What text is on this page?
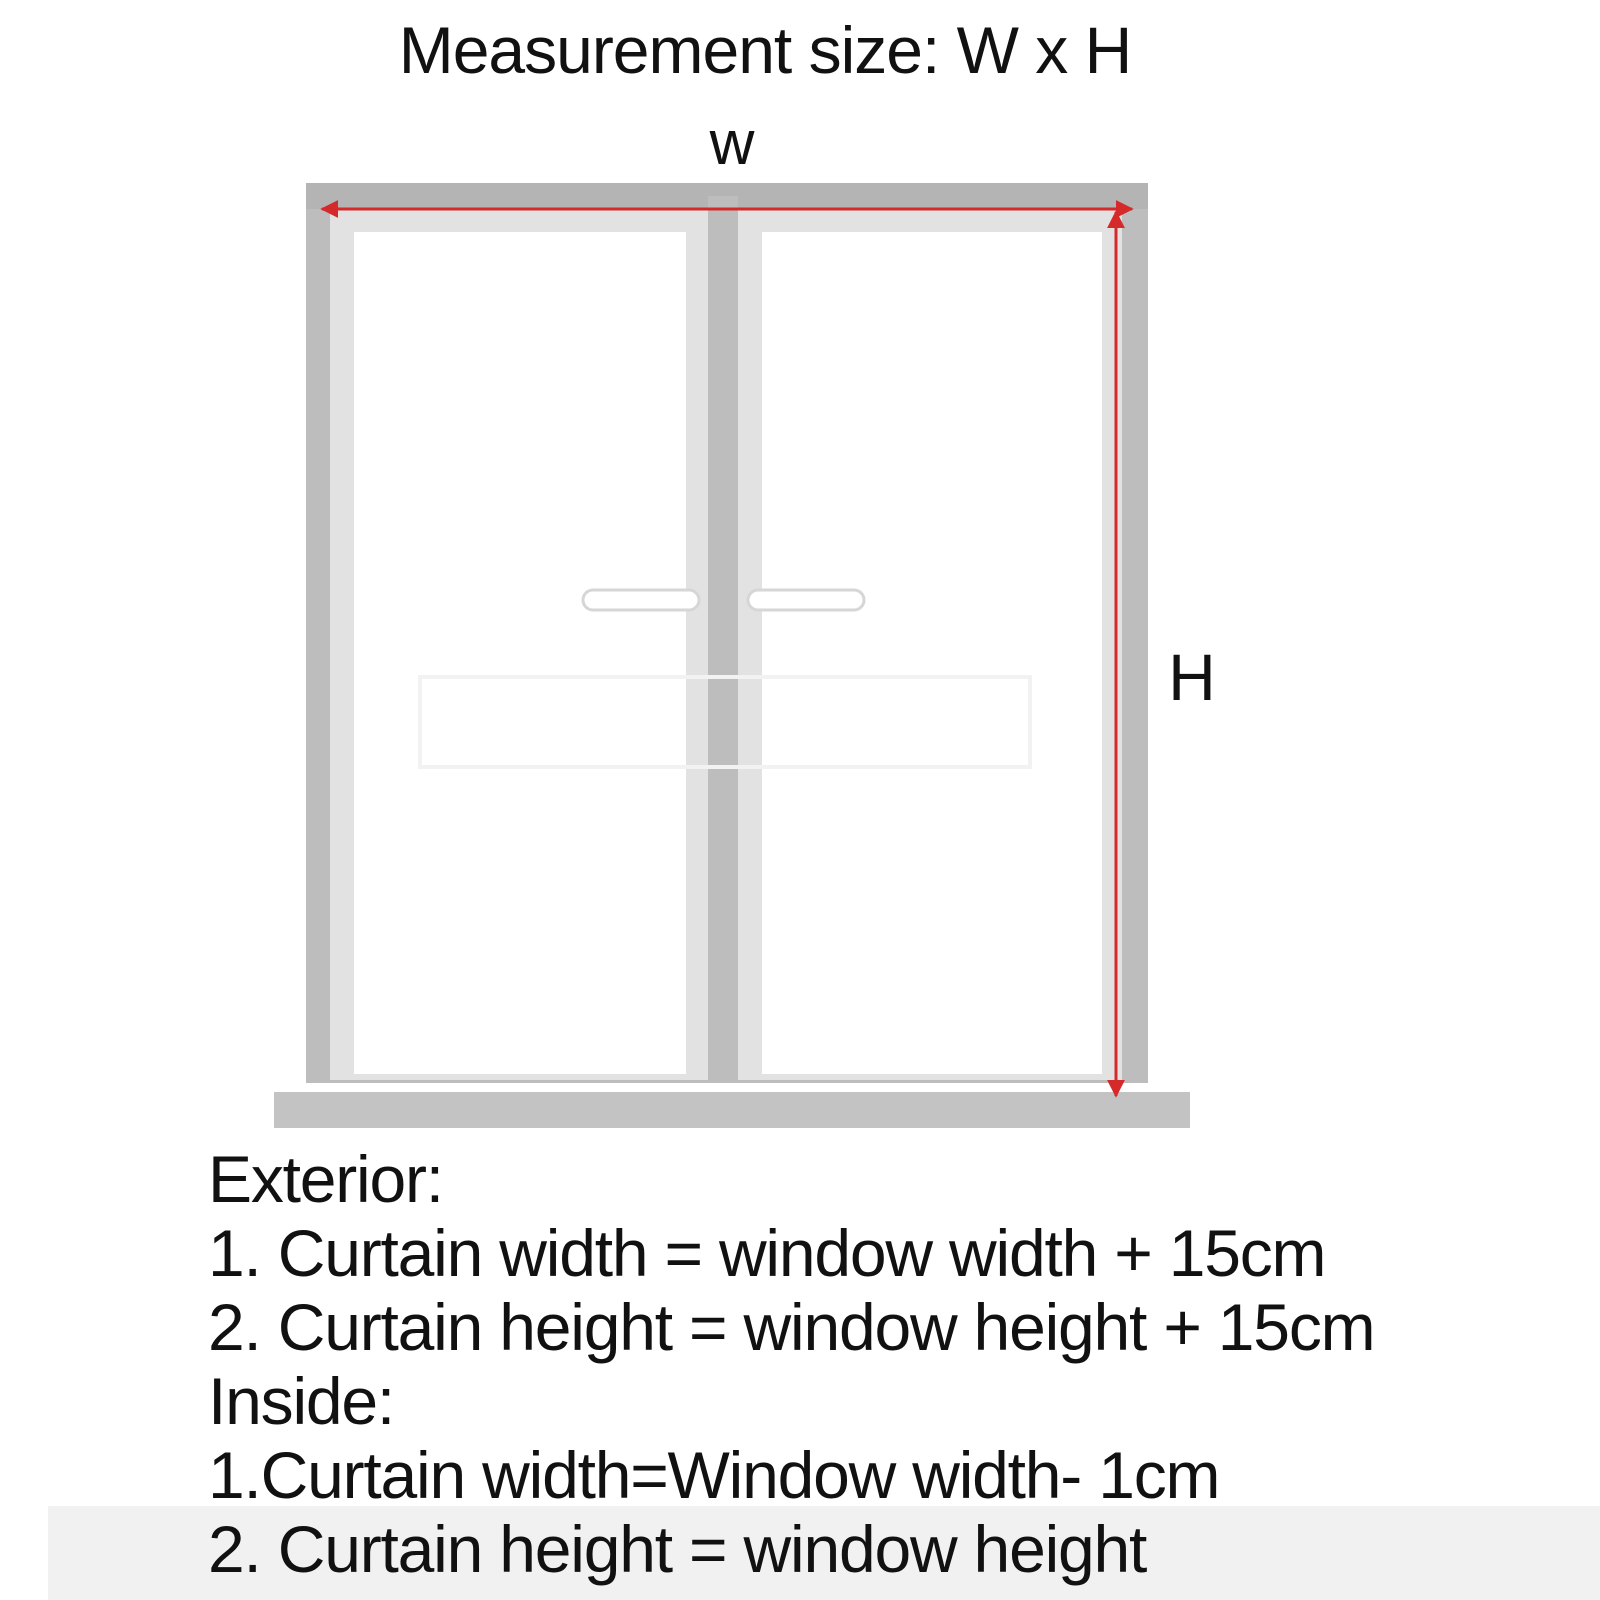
Measurement size: W x H
w
H
Exterior:
1. Curtain width = window width + 15cm
2. Curtain height = window height + 15cm
Inside:
1.Curtain width=Window width- 1cm
2. Curtain height = window height
